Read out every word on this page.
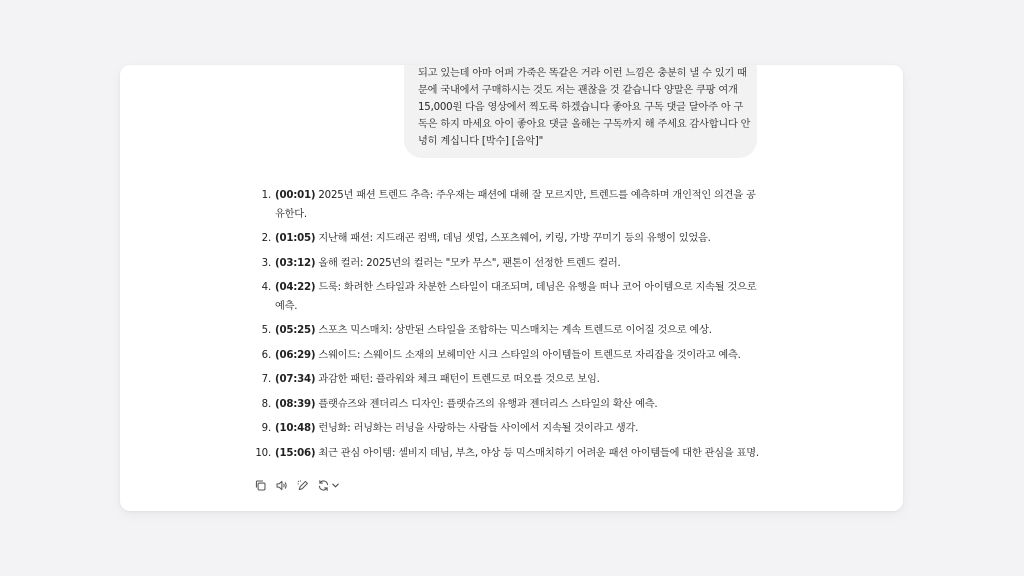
되고 있는데 아마 어퍼 가죽은 똑같은 거라 이런 느낌은 충분히 낼 수 있기 때
문에 국내에서 구매하시는 것도 저는 괜찮을 것 같습니다 양말은 쿠팡 여개
15,000원 다음 영상에서 찍도록 하겠습니다 좋아요 구독 댓글 달아주 아 구
독은 하지 마세요 아이 좋아요 댓글 올해는 구독까지 해 주세요 감사합니다 안
녕히 계십니다 [박수] [음악]"
1. (00:01) 2025년 패션 트렌드 추측: 주우재는 패션에 대해 잘 모르지만, 트렌드를 예측하며 개인적인 의견을 공유한다.
2. (01:05) 지난해 패션: 지드래곤 컴백, 데님 셋업, 스포츠웨어, 키링, 가방 꾸미기 등의 유행이 있었음.
3. (03:12) 올해 컬러: 2025년의 컬러는 "모카 무스", 팬톤이 선정한 트렌드 컬러.
4. (04:22) 드룩: 화려한 스타일과 차분한 스타일이 대조되며, 데님은 유행을 떠나 코어 아이템으로 지속될 것으로 예측.
5. (05:25) 스포츠 믹스매치: 상반된 스타일을 조합하는 믹스매치는 계속 트렌드로 이어질 것으로 예상.
6. (06:29) 스웨이드: 스웨이드 소재의 보헤미안 시크 스타일의 아이템들이 트렌드로 자리잡을 것이라고 예측.
7. (07:34) 과감한 패턴: 플라워와 체크 패턴이 트렌드로 떠오를 것으로 보임.
8. (08:39) 플랫슈즈와 젠더리스 디자인: 플랫슈즈의 유행과 젠더리스 스타일의 확산 예측.
9. (10:48) 런닝화: 러닝화는 러닝을 사랑하는 사람들 사이에서 지속될 것이라고 생각.
10. (15:06) 최근 관심 아이템: 셀비지 데님, 부츠, 야상 등 믹스매치하기 어려운 패션 아이템들에 대한 관심을 표명.
